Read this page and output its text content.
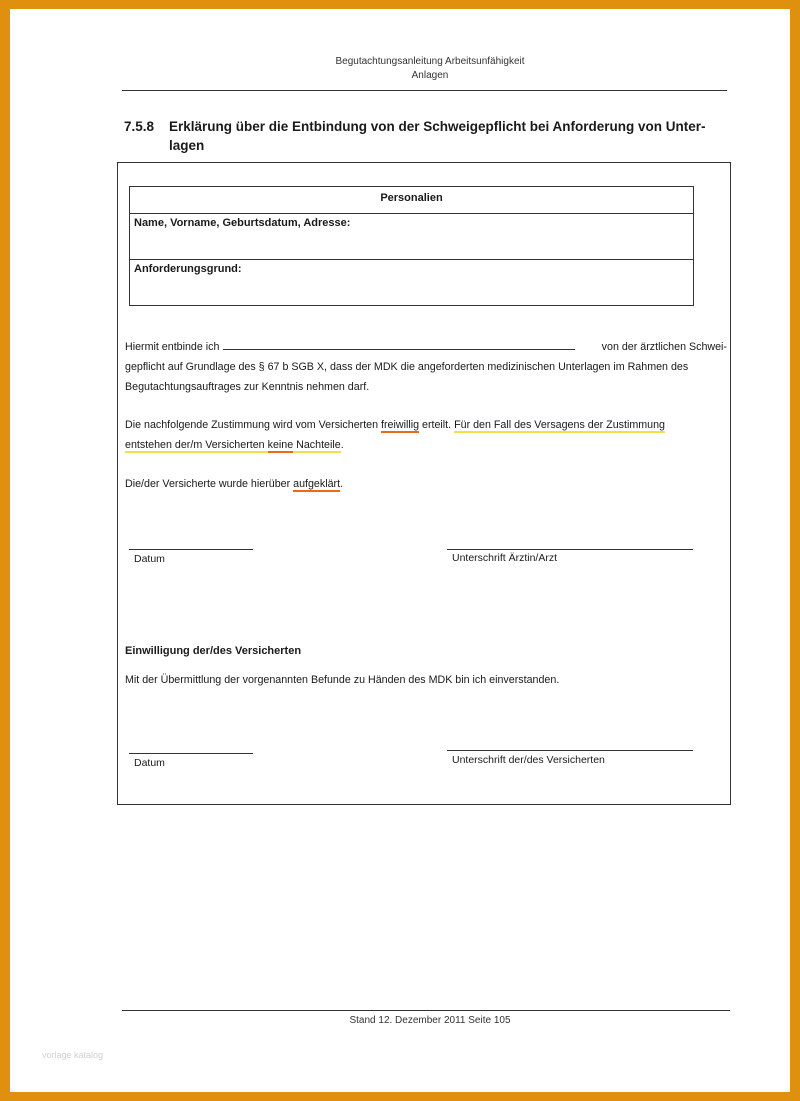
Begutachtungsanleitung Arbeitsunfähigkeit
Anlagen
7.5.8 Erklärung über die Entbindung von der Schweigepflicht bei Anforderung von Unter-
lagen
Personalien
Name, Vorname, Geburtsdatum, Adresse:
Anforderungsgrund:
Hiermit entbinde ich	von der ärztlichen Schwei-
gepflicht auf Grundlage des § 67 b SGB X, dass der MDK die angeforderten medizinischen Unterlagen im Rahmen des
Begutachtungsauftrages zur Kenntnis nehmen darf.
Die nachfolgende Zustimmung wird vom Versicherten freiwillig erteilt. Für den Fall des Versagens der Zustimmung
entstehen der/m Versicherten keine Nachteile.
Die/der Versicherte wurde hierüber aufgeklärt.
Datum	Unterschrift Ärztin/Arzt
Einwilligung der/des Versicherten
Mit der Übermittlung der vorgenannten Befunde zu Händen des MDK bin ich einverstanden.
Datum	Unterschrift der/des Versicherten
Stand 12. Dezember 2011 Seite 105
vorlage katalog
